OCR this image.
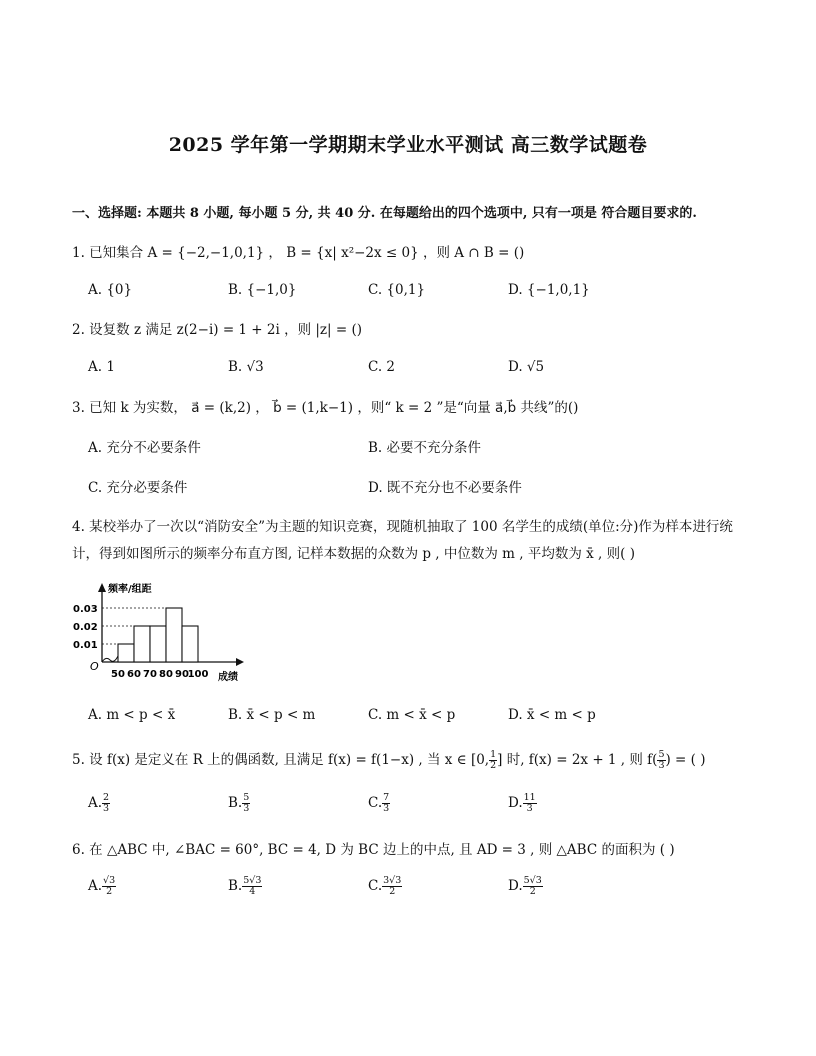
2025 学年第一学期期末学业水平测试 高三数学试题卷
一、选择题: 本题共 8 小题, 每小题 5 分, 共 40 分. 在每题给出的四个选项中, 只有一项是 符合题目要求的.
1. 已知集合 A = {−2,−1,0,1} ， B = {x| x²−2x ≤ 0} ，则 A ∩ B = ()
A. {0}	B. {−1,0}	C. {0,1}	D. {−1,0,1}
2. 设复数 z 满足 z(2−i) = 1 + 2i ，则 |z| = ()
A. 1	B. √3	C. 2	D. √5
3. 已知 k 为实数， a⃗ = (k,2) ， b⃗ = (1,k−1) ，则“ k = 2 ”是“向量 a⃗,b⃗ 共线”的()
A. 充分不必要条件	B. 必要不充分条件
C. 充分必要条件	D. 既不充分也不必要条件
4. 某校举办了一次以“消防安全”为主题的知识竞赛，现随机抽取了 100 名学生的成绩(单位:分)作为样本进行统
计，得到如图所示的频率分布直方图, 记样本数据的众数为 p , 中位数为 m , 平均数为 x̄ , 则( )
频率/组距
成绩
O
0.01
0.02
0.03
50 60 70 80 90
100
A. m < p < x̄	B. x̄ < p < m	C. m < x̄ < p	D. x̄ < m < p
5. 设 f(x) 是定义在 R 上的偶函数, 且满足 f(x) = f(1−x) , 当 x ∈ [0, $\frac{1}{2}$ ] 时, f(x) = 2x + 1 , 则 $f( \frac{5}{3}$ ) = ( )
A. $\frac{2}{3}$	B. $\frac{5}{3}$	C. $\frac{7}{3}$	D. $\frac{11}{3}$
6. 在 △ABC 中, ∠BAC = 60°, BC = 4, D 为 BC 边上的中点, 且 AD = 3 , 则 △ABC 的面积为 ( )
A. $\frac{√3}{2}$	B. $\frac{5√3}{4}$	C. $\frac{3√3}{2}$	D. $\frac{5√3}{2}$
